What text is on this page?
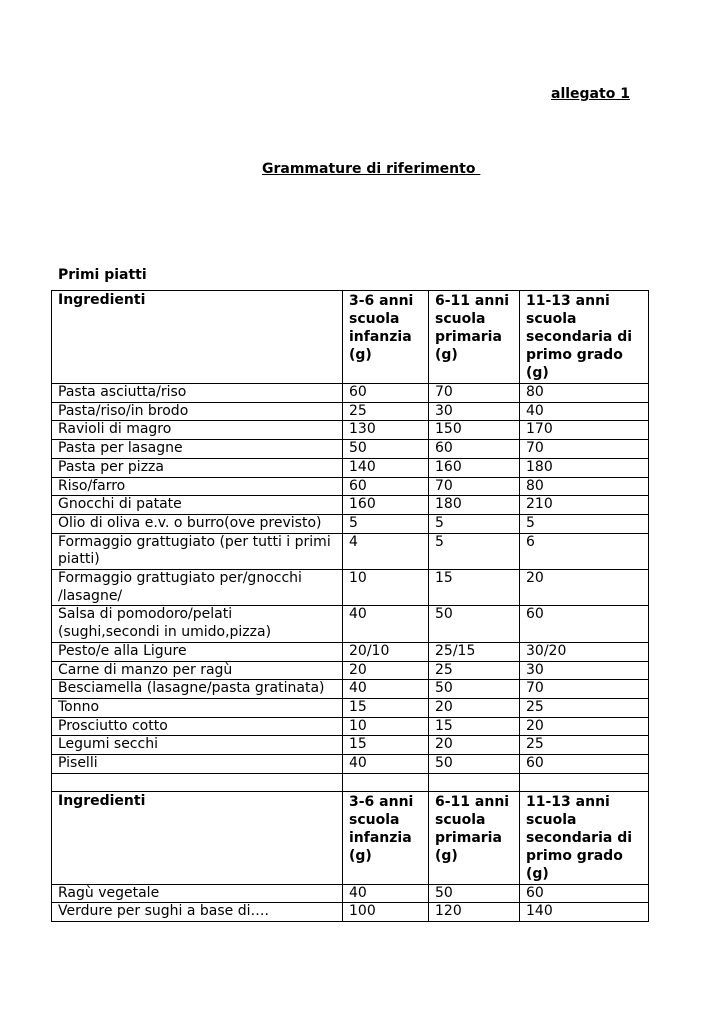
allegato 1
Grammature di riferimento
Primi piatti
Ingredienti	3-6 anni scuola infanzia (g)	6-11 anni scuola primaria (g)	11-13 anni scuola secondaria di primo grado (g)
Pasta asciutta/riso	60	70	80
Pasta/riso/in brodo	25	30	40
Ravioli di magro	130	150	170
Pasta per lasagne	50	60	70
Pasta per pizza	140	160	180
Riso/farro	60	70	80
Gnocchi di patate	160	180	210
Olio di oliva e.v. o burro(ove previsto)	5	5	5
Formaggio grattugiato (per tutti i primi piatti)	4	5	6
Formaggio grattugiato per/gnocchi /lasagne/	10	15	20
Salsa di pomodoro/pelati (sughi,secondi in umido,pizza)	40	50	60
Pesto/e alla Ligure	20/10	25/15	30/20
Carne di manzo per ragù	20	25	30
Besciamella (lasagne/pasta gratinata)	40	50	70
Tonno	15	20	25
Prosciutto cotto	10	15	20
Legumi secchi	15	20	25
Piselli	40	50	60

Ingredienti	3-6 anni scuola infanzia (g)	6-11 anni scuola primaria (g)	11-13 anni scuola secondaria di primo grado (g)
Ragù vegetale	40	50	60
Verdure per sughi a base di….	100	120	140
